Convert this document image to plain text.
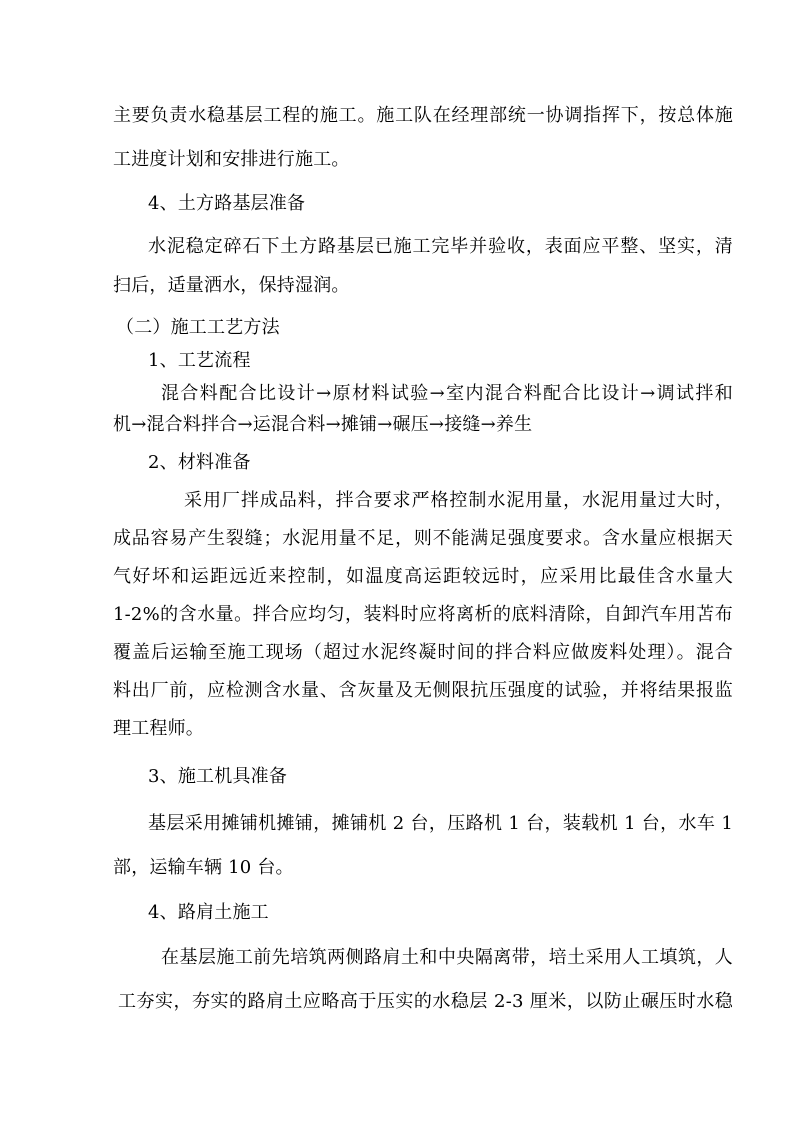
主要负责水稳基层工程的施工。施工队在经理部统一协调指挥下，按总体施
工进度计划和安排进行施工。
4、土方路基层准备
水泥稳定碎石下土方路基层已施工完毕并验收，表面应平整、坚实，清
扫后，适量洒水，保持湿润。
（二）施工工艺方法
1、工艺流程
混合料配合比设计→原材料试验→室内混合料配合比设计→调试拌和
机→混合料拌合→运混合料→摊铺→碾压→接缝→养生
2、材料准备
采用厂拌成品料，拌合要求严格控制水泥用量，水泥用量过大时，
成品容易产生裂缝；水泥用量不足，则不能满足强度要求。含水量应根据天
气好坏和运距远近来控制，如温度高运距较远时，应采用比最佳含水量大
1-2%的含水量。拌合应均匀，装料时应将离析的底料清除，自卸汽车用苫布
覆盖后运输至施工现场（超过水泥终凝时间的拌合料应做废料处理）。混合
料出厂前，应检测含水量、含灰量及无侧限抗压强度的试验，并将结果报监
理工程师。
3、施工机具准备
基层采用摊铺机摊铺，摊铺机 2 台，压路机 1 台，装载机 1 台，水车 1
部，运输车辆 10 台。
4、路肩土施工
在基层施工前先培筑两侧路肩土和中央隔离带，培土采用人工填筑，人
工夯实，夯实的路肩土应略高于压实的水稳层 2-3 厘米，以防止碾压时水稳
